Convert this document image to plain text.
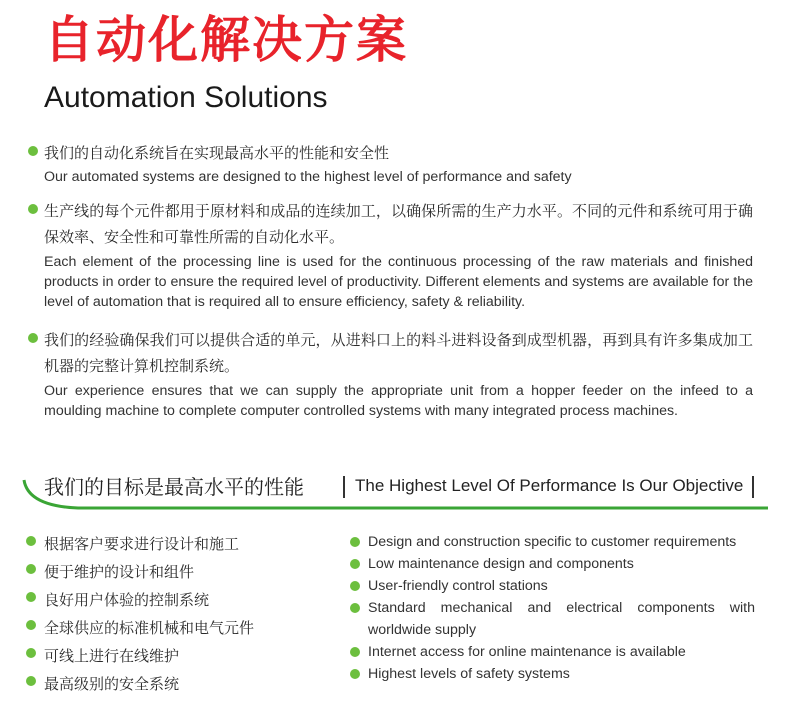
自动化解决方案
Automation Solutions
我们的自动化系统旨在实现最高水平的性能和安全性
Our automated systems are designed to the highest level of performance and safety
生产线的每个元件都用于原材料和成品的连续加工，以确保所需的生产力水平。不同的元件和系统可用于确保效率、安全性和可靠性所需的自动化水平。
Each element of the processing line is used for the continuous processing of the raw materials and finished products in order to ensure the required level of productivity. Different elements and systems are available for the level of automation that is required all to ensure efficiency, safety & reliability.
我们的经验确保我们可以提供合适的单元，从进料口上的料斗进料设备到成型机器，再到具有许多集成加工机器的完整计算机控制系统。
Our experience ensures that we can supply the appropriate unit from a hopper feeder on the infeed to a moulding machine to complete computer controlled systems with many integrated process machines.
我们的目标是最高水平的性能	The Highest Level Of Performance Is Our Objective
根据客户要求进行设计和施工
便于维护的设计和组件
良好用户体验的控制系统
全球供应的标准机械和电气元件
可线上进行在线维护
最高级别的安全系统
Design and construction specific to customer requirements
Low maintenance design and components
User-friendly control stations
Standard mechanical and electrical components with worldwide supply
Internet access for online maintenance is available
Highest levels of safety systems
